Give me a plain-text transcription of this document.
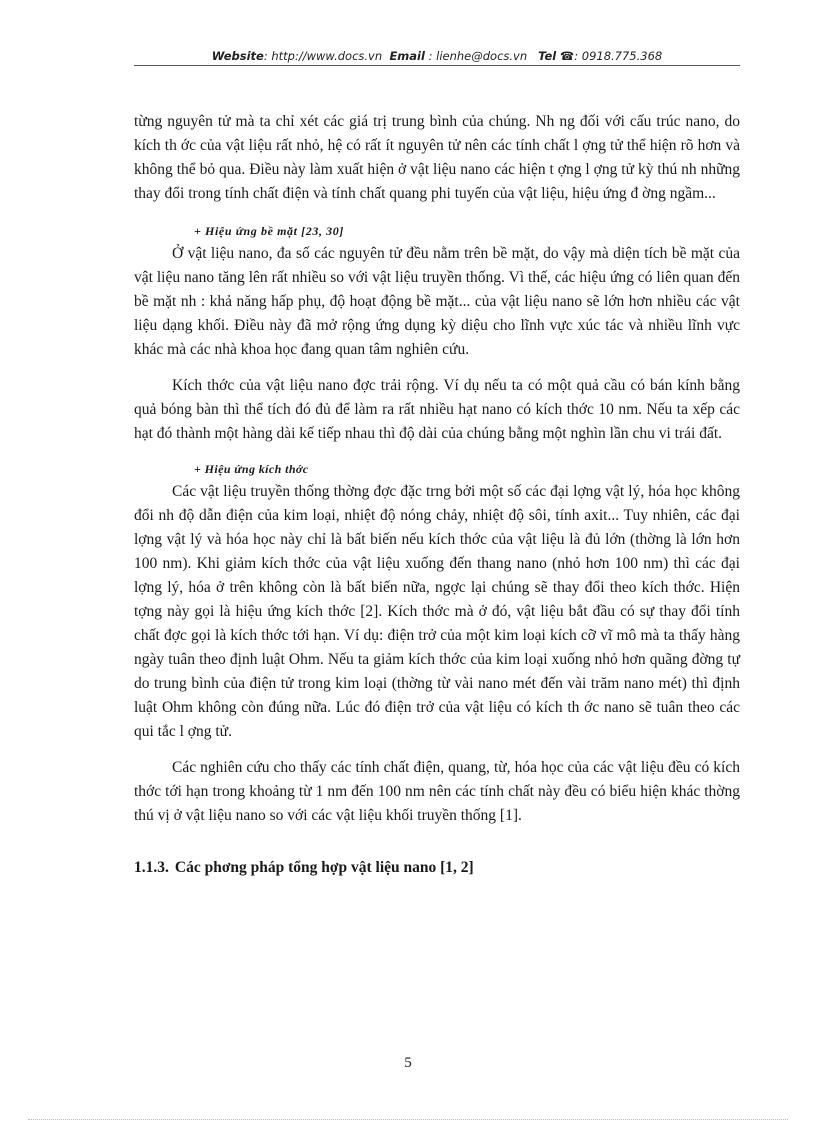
Website: http://www.docs.vn Email : lienhe@docs.vn Tel ☎: 0918.775.368

từng nguyên tử mà ta chỉ xét các giá trị trung bình của chúng. Nh ng đối với cấu trúc nano, do kích th ớc của vật liệu rất nhỏ, hệ có rất ít nguyên tử nên các tính chất l ợng tử thể hiện rõ hơn và không thể bỏ qua. Điều này làm xuất hiện ở vật liệu nano các hiện t ợng l ợng tử kỳ thú nh những thay đổi trong tính chất điện và tính chất quang phi tuyến của vật liệu, hiệu ứng đ ờng ngầm...

+ Hiệu ứng bề mặt [23, 30]

Ở vật liệu nano, đa số các nguyên tử đều nằm trên bề mặt, do vậy mà diện tích bề mặt của vật liệu nano tăng lên rất nhiều so với vật liệu truyền thống. Vì thế, các hiệu ứng có liên quan đến bề mặt nh : khả năng hấp phụ, độ hoạt động bề mặt... của vật liệu nano sẽ lớn hơn nhiều các vật liệu dạng khối. Điều này đã mở rộng ứng dụng kỳ diệu cho lĩnh vực xúc tác và nhiều lĩnh vực khác mà các nhà khoa học đang quan tâm nghiên cứu.

Kích thớc của vật liệu nano đợc trải rộng. Ví dụ nếu ta có một quả cầu có bán kính bằng quả bóng bàn thì thể tích đó đủ để làm ra rất nhiều hạt nano có kích thớc 10 nm. Nếu ta xếp các hạt đó thành một hàng dài kế tiếp nhau thì độ dài của chúng bằng một nghìn lần chu vi trái đất.

+ Hiệu ứng kích thớc

Các vật liệu truyền thống thờng đợc đặc trng bởi một số các đại lợng vật lý, hóa học không đổi nh độ dẫn điện của kim loại, nhiệt độ nóng chảy, nhiệt độ sôi, tính axit... Tuy nhiên, các đại lợng vật lý và hóa học này chỉ là bất biến nếu kích thớc của vật liệu là đủ lớn (thờng là lớn hơn 100 nm). Khi giảm kích thớc của vật liệu xuống đến thang nano (nhỏ hơn 100 nm) thì các đại lợng lý, hóa ở trên không còn là bất biến nữa, ngợc lại chúng sẽ thay đổi theo kích thớc. Hiện tợng này gọi là hiệu ứng kích thớc [2]. Kích thớc mà ở đó, vật liệu bắt đầu có sự thay đổi tính chất đợc gọi là kích thớc tới hạn. Ví dụ: điện trở của một kim loại kích cỡ vĩ mô mà ta thấy hàng ngày tuân theo định luật Ohm. Nếu ta giảm kích thớc của kim loại xuống nhỏ hơn quãng đờng tự do trung bình của điện tử trong kim loại (thờng từ vài nano mét đến vài trăm nano mét) thì định luật Ohm không còn đúng nữa. Lúc đó điện trở của vật liệu có kích th ớc nano sẽ tuân theo các qui tắc l ợng tử.

Các nghiên cứu cho thấy các tính chất điện, quang, từ, hóa học của các vật liệu đều có kích thớc tới hạn trong khoảng từ 1 nm đến 100 nm nên các tính chất này đều có biểu hiện khác thờng thú vị ở vật liệu nano so với các vật liệu khối truyền thống [1].

1.1.3. Các phơng pháp tổng hợp vật liệu nano [1, 2]
5
